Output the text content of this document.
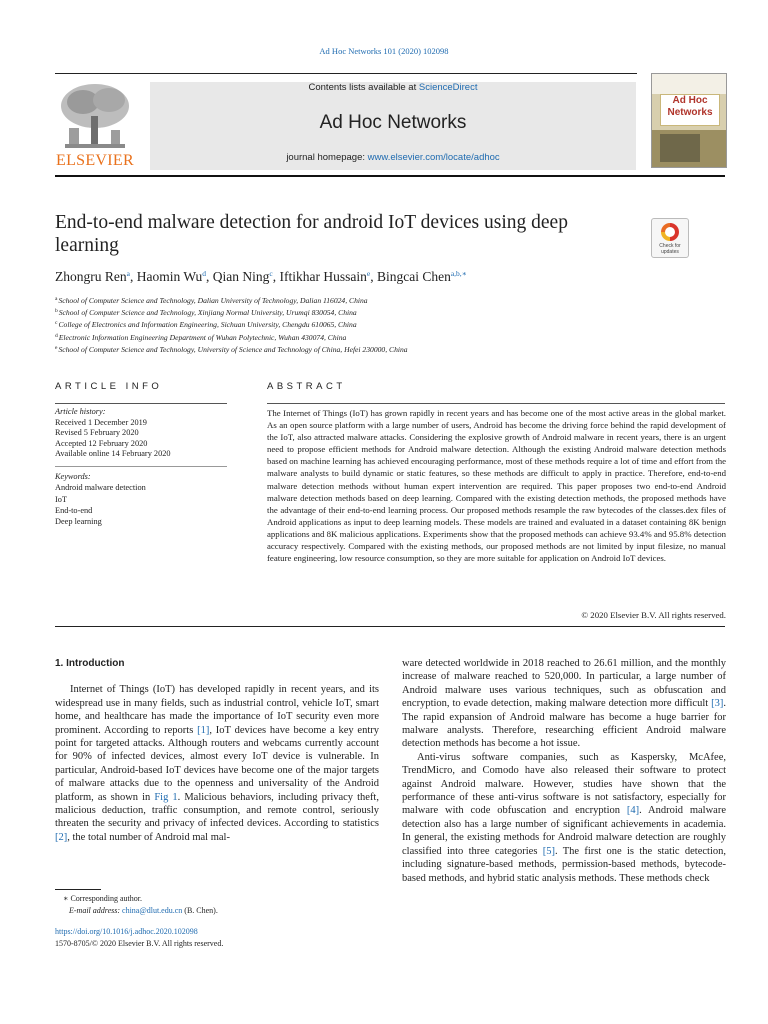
Ad Hoc Networks 101 (2020) 102098
ELSEVIER
Contents lists available at ScienceDirect
Ad Hoc Networks
journal homepage: www.elsevier.com/locate/adhoc
Ad Hoc
Networks
End-to-end malware detection for android IoT devices using deep learning	Check for updates
Zhongru Ren$^a$, Haomin Wu$^d$, Qian Ning$^c$, Iftikhar Hussain$^e$, Bingcai Chen$^{a,b,∗}$
$^a$School of Computer Science and Technology, Dalian University of Technology, Dalian 116024, China
$^b$School of Computer Science and Technology, Xinjiang Normal University, Urumqi 830054, China
$^c$College of Electronics and Information Engineering, Sichuan University, Chengdu 610065, China
$^d$Electronic Information Engineering Department of Wuhan Polytechnic, Wuhan 430074, China
$^e$School of Computer Science and Technology, University of Science and Technology of China, Hefei 230000, China
ARTICLE INFO	ABSTRACT
Article history:
Received 1 December 2019
Revised 5 February 2020
Accepted 12 February 2020
Available online 14 February 2020
Keywords:
Android malware detection
IoT
End-to-end
Deep learning
The Internet of Things (IoT) has grown rapidly in recent years and has become one of the most active areas in the global market. As an open source platform with a large number of users, Android has become the driving force behind the rapid development of the IoT, also attracted malware attacks. Considering the explosive growth of Android malware in recent years, there is an urgent need to propose efficient methods for Android malware detection. Although the existing Android malware detection methods based on machine learning has achieved encouraging performance, most of these methods require a lot of time and effort from the malware analysts to build dynamic or static features, so these methods are difficult to apply in practice. Therefore, end-to-end malware detection methods without human expert intervention are required. This paper proposes two end-to-end Android malware detection methods based on deep learning. Compared with the existing detection methods, the proposed methods have the advantage of their end-to-end learning process. Our proposed methods resample the raw bytecodes of the classes.dex files of Android applications as input to deep learning models. These models are trained and evaluated in a dataset containing 8K benign applications and 8K malicious applications. Experiments show that the proposed methods can achieve 93.4% and 95.8% detection accuracy respectively. Compared with the existing methods, our proposed methods are not limited by input filesize, no manual feature engineering, low resource consumption, so they are more suitable for application on Android IoT devices.
© 2020 Elsevier B.V. All rights reserved.

1. Introduction

Internet of Things (IoT) has developed rapidly in recent years, and its widespread use in many fields, such as industrial control, vehicle IoT, smart home, and healthcare has made the importance of IoT security even more prominent. According to reports [1], IoT devices have become a key entry point for targeted attacks. Although routers and webcams currently account for 90% of infected devices, almost every IoT device is vulnerable. In particular, Android-based IoT devices have become one of the major targets of malware attacks due to the openness and universality of the Android platform, as shown in Fig 1. Malicious behaviors, including privacy theft, malicious deduction, traffic consumption, and remote control, seriously threaten the security and privacy of infected devices. According to statistics [2], the total number of Android mal mal-

ware detected worldwide in 2018 reached to 26.61 million, and the monthly increase of malware reached to 520,000. In particular, a large number of Android malware uses various techniques, such as obfuscation and encryption, to evade detection, making malware detection more difficult [3]. The rapid expansion of Android malware has become a huge barrier for malware analysts. Therefore, researching efficient Android malware detection methods has become a hot issue.

Anti-virus software companies, such as Kaspersky, McAfee, TrendMicro, and Comodo have also released their software to protect against Android malware. However, studies have shown that the performance of these anti-virus software is not satisfactory, especially for malware with code obfuscation and encryption [4]. Android malware detection also has a large number of significant achievements in academia. In general, the existing methods for Android malware detection are roughly classified into three categories [5]. The first one is the static detection, including signature-based methods, permission-based methods, bytecode-based methods, and hybrid static analysis methods. These methods check

∗ Corresponding author.
E-mail address: china@dlut.edu.cn (B. Chen).
https://doi.org/10.1016/j.adhoc.2020.102098
1570-8705/© 2020 Elsevier B.V. All rights reserved.
